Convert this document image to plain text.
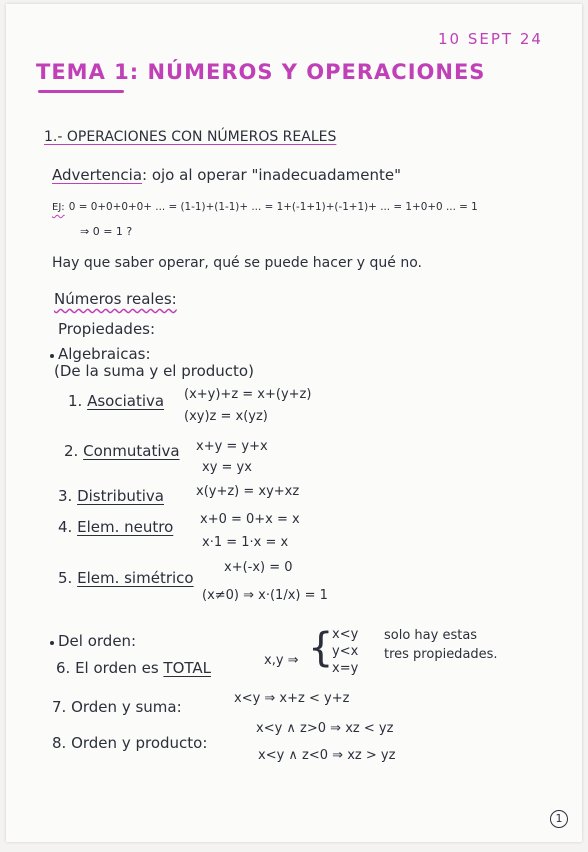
10 SEPT 24
TEMA 1: NÚMEROS Y OPERACIONES
1.- OPERACIONES CON NÚMEROS REALES
Advertencia: ojo al operar "inadecuadamente"
EJ: 0 = 0+0+0+0+ ... = (1-1)+(1-1)+ ... = 1+(-1+1)+(-1+1)+ ... = 1+0+0 ... = 1
⇒ 0 = 1 ?
Hay que saber operar, qué se puede hacer y qué no.
Números reales:
Propiedades:
Algebraicas:
(De la suma y el producto)
1. Asociativa (x+y)+z = x+(y+z)
(xy)z = x(yz)
2. Conmutativa x+y = y+x
xy = yx
3. Distributiva x(y+z) = xy+xz
4. Elem. neutro x+0 = 0+x = x
x·1 = 1·x = x
5. Elem. simétrico
x+(-x) = 0
(x≠0) ⇒ x·(1/x) = 1
Del orden:
6. El orden es TOTAL	x,y ⇒ {
x<y
y<x
x=y
solo hay estas
tres propiedades.
7. Orden y suma:	x<y ⇒ x+z < y+z
8. Orden y producto:
x<y ∧ z>0 ⇒ xz < yz
x<y ∧ z<0 ⇒ xz > yz
1
